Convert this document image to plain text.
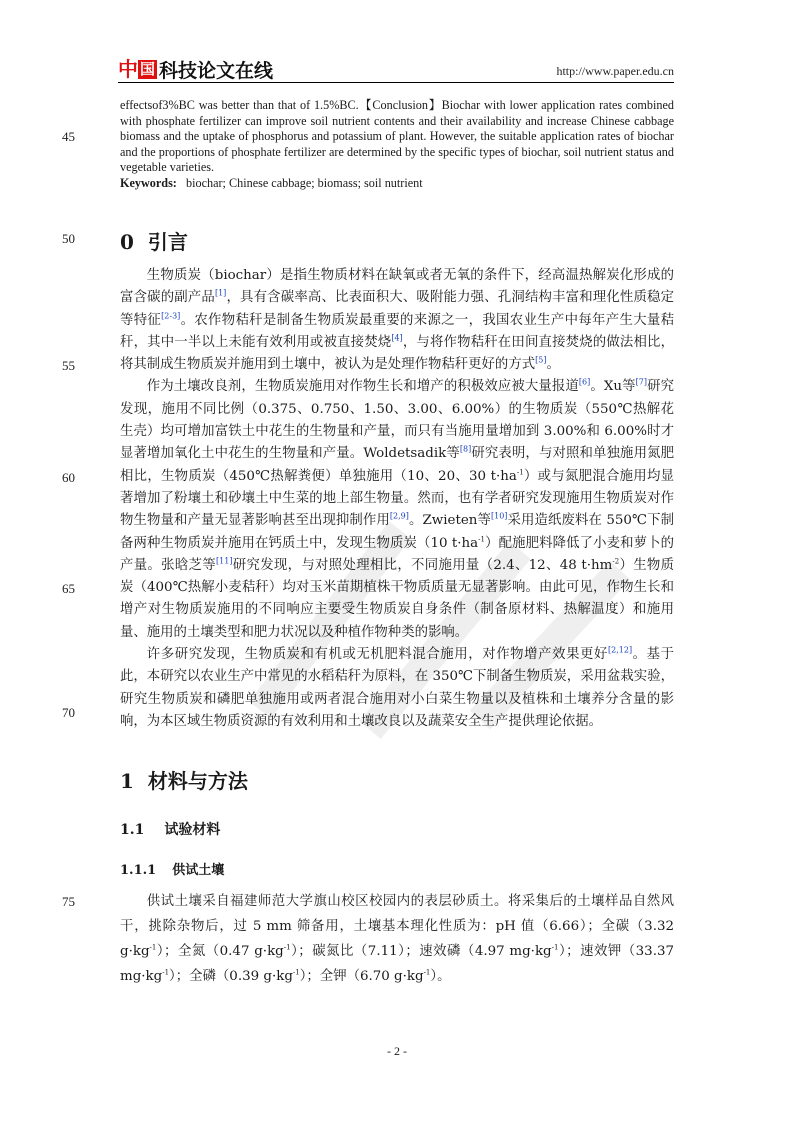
中 国 科技论文在线	http://www.paper.edu.cn
45
50
55
60
65
70
75

effectsof3%BC was better than that of 1.5%BC.【Conclusion】Biochar with lower application rates combined with phosphate fertilizer can improve soil nutrient contents and their availability and increase Chinese cabbage biomass and the uptake of phosphorus and potassium of plant. However, the suitable application rates of biochar and the proportions of phosphate fertilizer are determined by the specific types of biochar, soil nutrient status and vegetable varieties.

Keywords: biochar; Chinese cabbage; biomass; soil nutrient

0 引言

生物质炭（biochar）是指生物质材料在缺氧或者无氧的条件下，经高温热解炭化形成的富含碳的副产品[1]，具有含碳率高、比表面积大、吸附能力强、孔洞结构丰富和理化性质稳定等特征[2-3]。农作物秸秆是制备生物质炭最重要的来源之一，我国农业生产中每年产生大量秸秆，其中一半以上未能有效利用或被直接焚烧[4]，与将作物秸秆在田间直接焚烧的做法相比，将其制成生物质炭并施用到土壤中，被认为是处理作物秸秆更好的方式[5]。

作为土壤改良剂，生物质炭施用对作物生长和增产的积极效应被大量报道[6]。Xu等[7]研究发现，施用不同比例（0.375、0.750、1.50、3.00、6.00%）的生物质炭（550℃热解花生壳）均可增加富铁土中花生的生物量和产量，而只有当施用量增加到 3.00%和 6.00%时才显著增加氧化土中花生的生物量和产量。Woldetsadik等[8]研究表明，与对照和单独施用氮肥相比，生物质炭（450℃热解粪便）单独施用（10、20、30 $t\cdot ha^{-1}$）或与氮肥混合施用均显著增加了粉壤土和砂壤土中生菜的地上部生物量。然而，也有学者研究发现施用生物质炭对作物生物量和产量无显著影响甚至出现抑制作用[2,9]。Zwieten等[10]采用造纸废料在 550℃下制备两种生物质炭并施用在钙质土中，发现生物质炭（10 $t\cdot ha^{-1}$）配施肥料降低了小麦和萝卜的产量。张晗芝等[11]研究发现，与对照处理相比，不同施用量（2.4、12、48 $t\cdot hm^{-2}$）生物质炭（400℃热解小麦秸秆）均对玉米苗期植株干物质质量无显著影响。由此可见，作物生长和增产对生物质炭施用的不同响应主要受生物质炭自身条件（制备原材料、热解温度）和施用量、施用的土壤类型和肥力状况以及种植作物种类的影响。

许多研究发现，生物质炭和有机或无机肥料混合施用，对作物增产效果更好[2,12]。基于此，本研究以农业生产中常见的水稻秸秆为原料，在 350℃下制备生物质炭，采用盆栽实验，研究生物质炭和磷肥单独施用或两者混合施用对小白菜生物量以及植株和土壤养分含量的影响，为本区域生物质资源的有效利用和土壤改良以及蔬菜安全生产提供理论依据。

1 材料与方法
1.1 试验材料
1.1.1 供试土壤

供试土壤采自福建师范大学旗山校区校园内的表层砂质土。将采集后的土壤样品自然风干，挑除杂物后，过 5 mm 筛备用，土壤基本理化性质为：pH 值（6.66）；全碳（3.32 $g\cdot kg^{-1}$）；全氮（0.47 $g\cdot kg^{-1}$）；碳氮比（7.11）；速效磷（4.97 $mg\cdot kg^{-1}$）；速效钾（33.37 $mg\cdot kg^{-1}$）；全磷（0.39 $g\cdot kg^{-1}$）；全钾（6.70 $g\cdot kg^{-1}$）。

- 2 -
